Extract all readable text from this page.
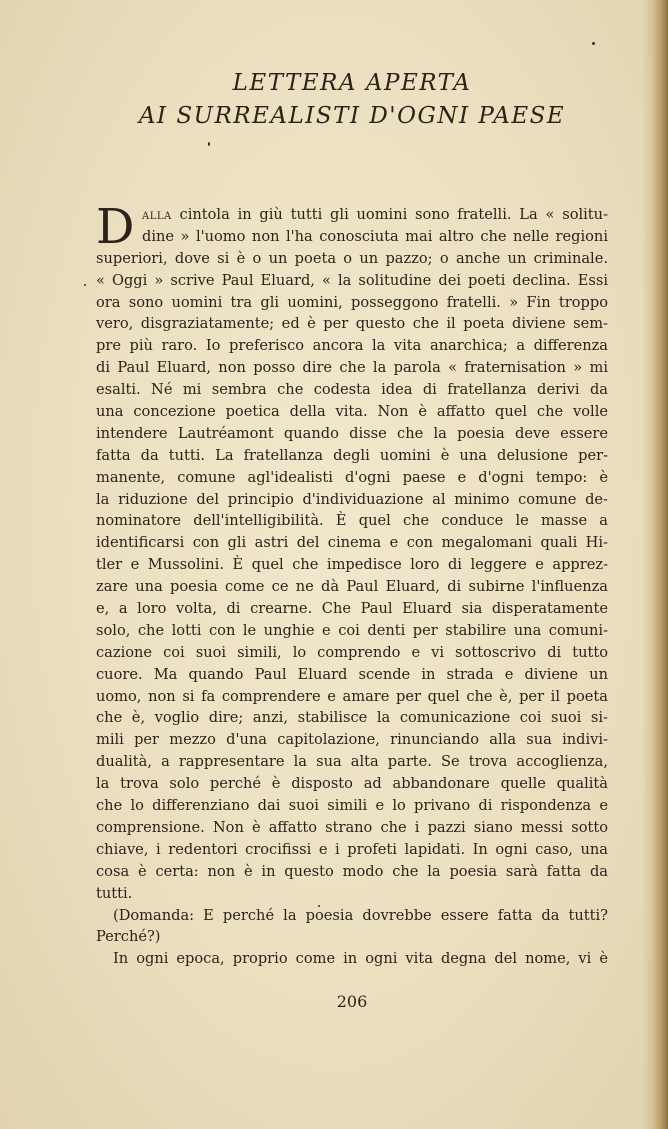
LETTERA APERTA
AI SURREALISTI D'OGNI PAESE
D alla cintola in giù tutti gli uomini sono fratelli. La « solitu-
dine » l'uomo non l'ha conosciuta mai altro che nelle regioni
superiori, dove si è o un poeta o un pazzo; o anche un criminale.
« Oggi » scrive Paul Eluard, « la solitudine dei poeti declina. Essi
ora sono uomini tra gli uomini, posseggono fratelli. » Fin troppo
vero, disgraziatamente; ed è per questo che il poeta diviene sem-
pre più raro. Io preferisco ancora la vita anarchica; a differenza
di Paul Eluard, non posso dire che la parola « fraternisation » mi
esalti. Né mi sembra che codesta idea di fratellanza derivi da
una concezione poetica della vita. Non è affatto quel che volle
intendere Lautréamont quando disse che la poesia deve essere
fatta da tutti. La fratellanza degli uomini è una delusione per-
manente, comune agl'idealisti d'ogni paese e d'ogni tempo: è
la riduzione del principio d'individuazione al minimo comune de-
nominatore dell'intelligibilità. È quel che conduce le masse a
identificarsi con gli astri del cinema e con megalomani quali Hi-
tler e Mussolini. È quel che impedisce loro di leggere e apprez-
zare una poesia come ce ne dà Paul Eluard, di subirne l'influenza
e, a loro volta, di crearne. Che Paul Eluard sia disperatamente
solo, che lotti con le unghie e coi denti per stabilire una comuni-
cazione coi suoi simili, lo comprendo e vi sottoscrivo di tutto
cuore. Ma quando Paul Eluard scende in strada e diviene un
uomo, non si fa comprendere e amare per quel che è, per il poeta
che è, voglio dire; anzi, stabilisce la comunicazione coi suoi si-
mili per mezzo d'una capitolazione, rinunciando alla sua indivi-
dualità, a rappresentare la sua alta parte. Se trova accoglienza,
la trova solo perché è disposto ad abbandonare quelle qualità
che lo differenziano dai suoi simili e lo privano di rispondenza e
comprensione. Non è affatto strano che i pazzi siano messi sotto
chiave, i redentori crocifissi e i profeti lapidati. In ogni caso, una
cosa è certa: non è in questo modo che la poesia sarà fatta da
tutti.
(Domanda: E perché la poesia dovrebbe essere fatta da tutti?
Perché?)
In ogni epoca, proprio come in ogni vita degna del nome, vi è
206
